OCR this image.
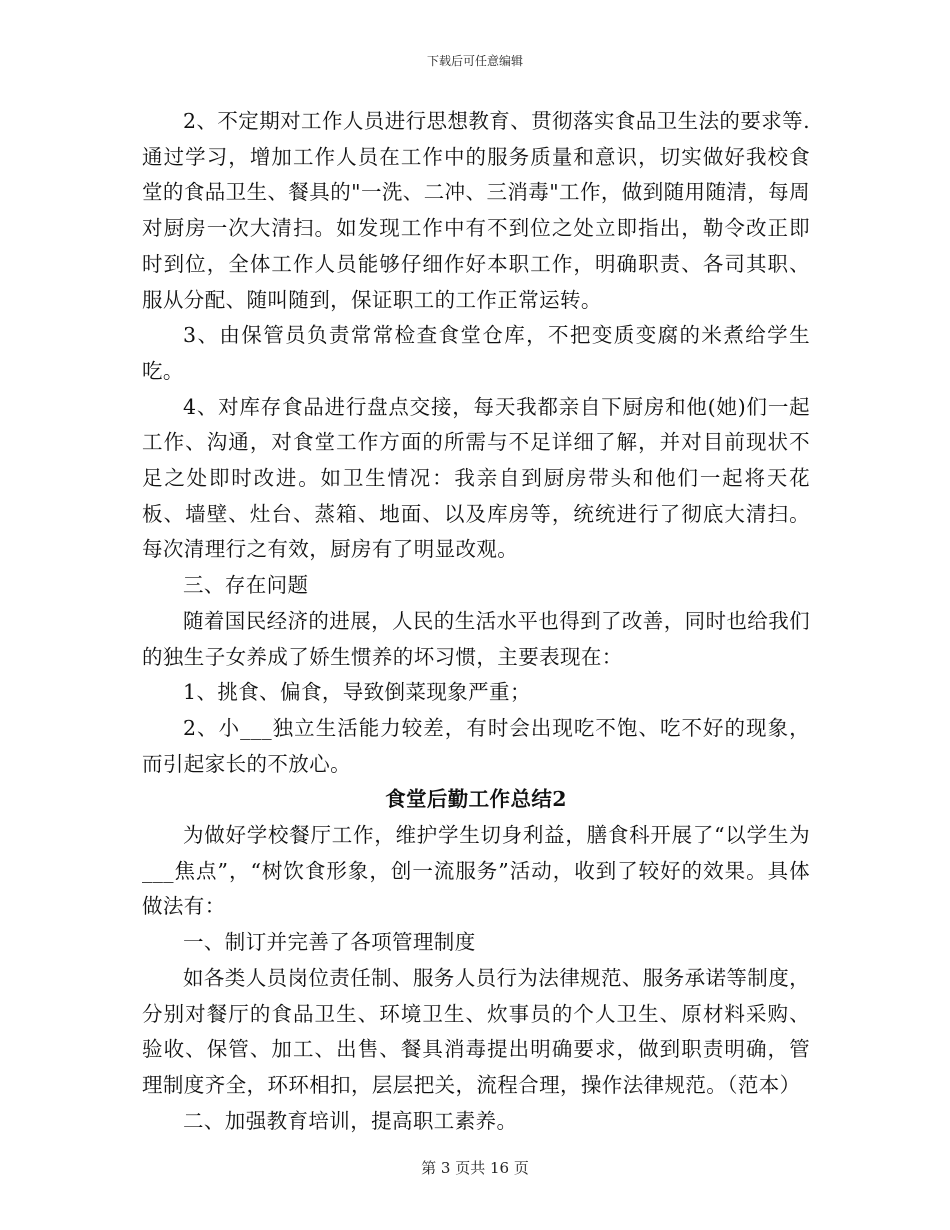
下载后可任意编辑

2、不定期对工作人员进行思想教育、贯彻落实食品卫生法的要求等.通过学习，增加工作人员在工作中的服务质量和意识，切实做好我校食堂的食品卫生、餐具的"一洗、二冲、三消毒"工作，做到随用随清，每周对厨房一次大清扫。如发现工作中有不到位之处立即指出，勒令改正即时到位，全体工作人员能够仔细作好本职工作，明确职责、各司其职、服从分配、随叫随到，保证职工的工作正常运转。

3、由保管员负责常常检查食堂仓库，不把变质变腐的米煮给学生吃。

4、对库存食品进行盘点交接，每天我都亲自下厨房和他(她)们一起工作、沟通，对食堂工作方面的所需与不足详细了解，并对目前现状不足之处即时改进。如卫生情况：我亲自到厨房带头和他们一起将天花板、墙壁、灶台、蒸箱、地面、以及库房等，统统进行了彻底大清扫。每次清理行之有效，厨房有了明显改观。

三、存在问题

随着国民经济的进展，人民的生活水平也得到了改善，同时也给我们的独生子女养成了娇生惯养的坏习惯，主要表现在：

1、挑食、偏食，导致倒菜现象严重；

2、小___独立生活能力较差，有时会出现吃不饱、吃不好的现象，而引起家长的不放心。

食堂后勤工作总结2

为做好学校餐厅工作，维护学生切身利益，膳食科开展了“以学生为___焦点”，“树饮食形象，创一流服务”活动，收到了较好的效果。具体做法有：

一、制订并完善了各项管理制度

如各类人员岗位责任制、服务人员行为法律规范、服务承诺等制度，分别对餐厅的食品卫生、环境卫生、炊事员的个人卫生、原材料采购、验收、保管、加工、出售、餐具消毒提出明确要求，做到职责明确，管理制度齐全，环环相扣，层层把关，流程合理，操作法律规范。（范本）

二、加强教育培训，提高职工素养。

第 3 页共 16 页
